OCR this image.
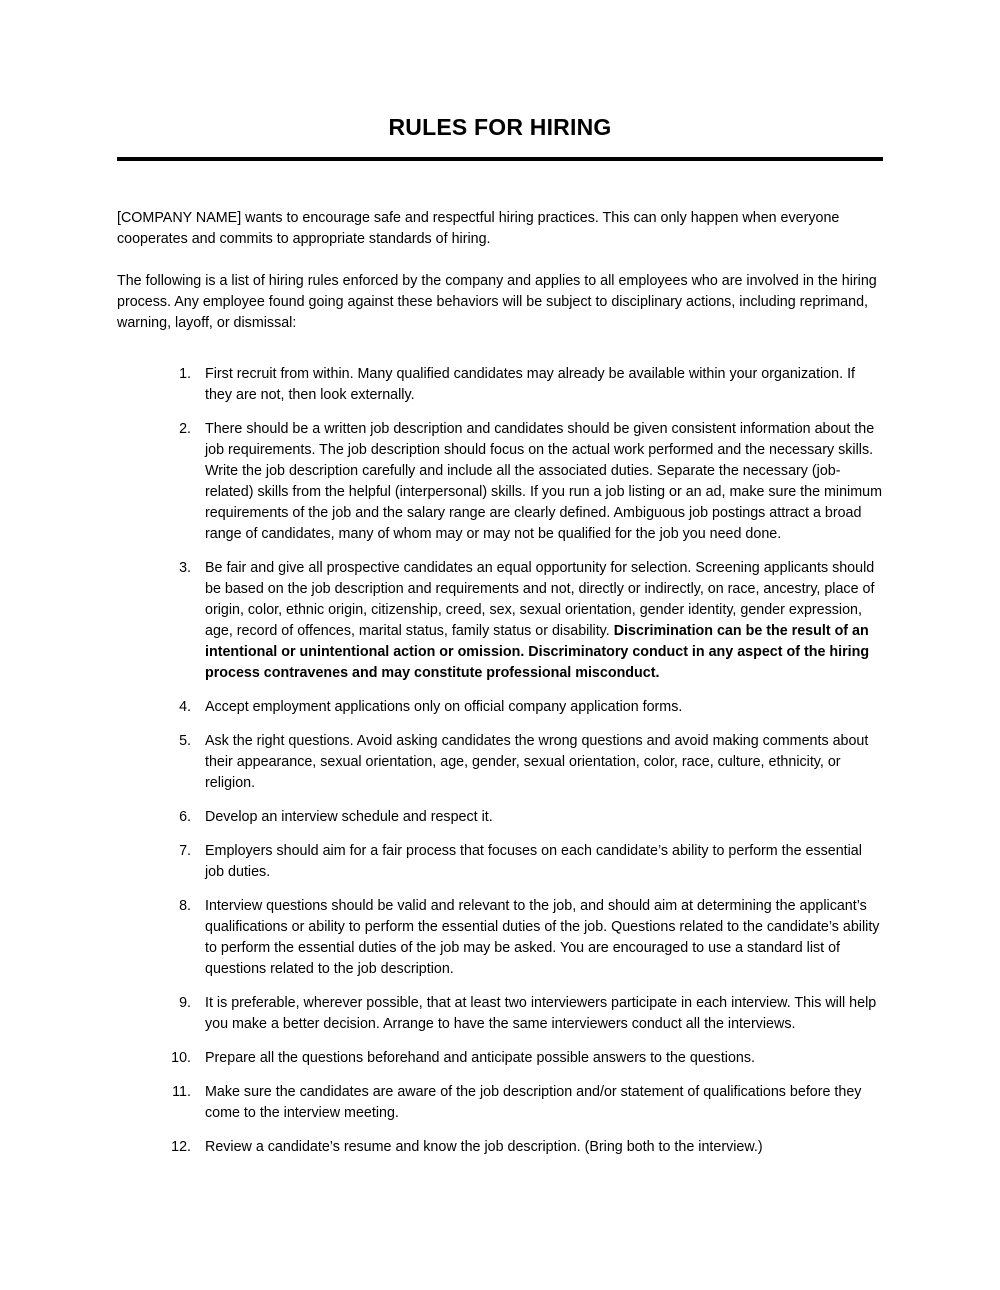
RULES FOR HIRING

[COMPANY NAME] wants to encourage safe and respectful hiring practices. This can only happen when everyone cooperates and commits to appropriate standards of hiring.

The following is a list of hiring rules enforced by the company and applies to all employees who are involved in the hiring process. Any employee found going against these behaviors will be subject to disciplinary actions, including reprimand, warning, layoff, or dismissal:

1. First recruit from within. Many qualified candidates may already be available within your organization. If they are not, then look externally.
2. There should be a written job description and candidates should be given consistent information about the job requirements. The job description should focus on the actual work performed and the necessary skills. Write the job description carefully and include all the associated duties. Separate the necessary (job-related) skills from the helpful (interpersonal) skills. If you run a job listing or an ad, make sure the minimum requirements of the job and the salary range are clearly defined. Ambiguous job postings attract a broad range of candidates, many of whom may or may not be qualified for the job you need done.
3. Be fair and give all prospective candidates an equal opportunity for selection. Screening applicants should be based on the job description and requirements and not, directly or indirectly, on race, ancestry, place of origin, color, ethnic origin, citizenship, creed, sex, sexual orientation, gender identity, gender expression, age, record of offences, marital status, family status or disability. Discrimination can be the result of an intentional or unintentional action or omission. Discriminatory conduct in any aspect of the hiring process contravenes and may constitute professional misconduct.
4. Accept employment applications only on official company application forms.
5. Ask the right questions. Avoid asking candidates the wrong questions and avoid making comments about their appearance, sexual orientation, age, gender, sexual orientation, color, race, culture, ethnicity, or religion.
6. Develop an interview schedule and respect it.
7. Employers should aim for a fair process that focuses on each candidate’s ability to perform the essential job duties.
8. Interview questions should be valid and relevant to the job, and should aim at determining the applicant’s qualifications or ability to perform the essential duties of the job. Questions related to the candidate’s ability to perform the essential duties of the job may be asked. You are encouraged to use a standard list of questions related to the job description.
9. It is preferable, wherever possible, that at least two interviewers participate in each interview. This will help you make a better decision. Arrange to have the same interviewers conduct all the interviews.
10. Prepare all the questions beforehand and anticipate possible answers to the questions.
11. Make sure the candidates are aware of the job description and/or statement of qualifications before they come to the interview meeting.
12. Review a candidate’s resume and know the job description. (Bring both to the interview.)
